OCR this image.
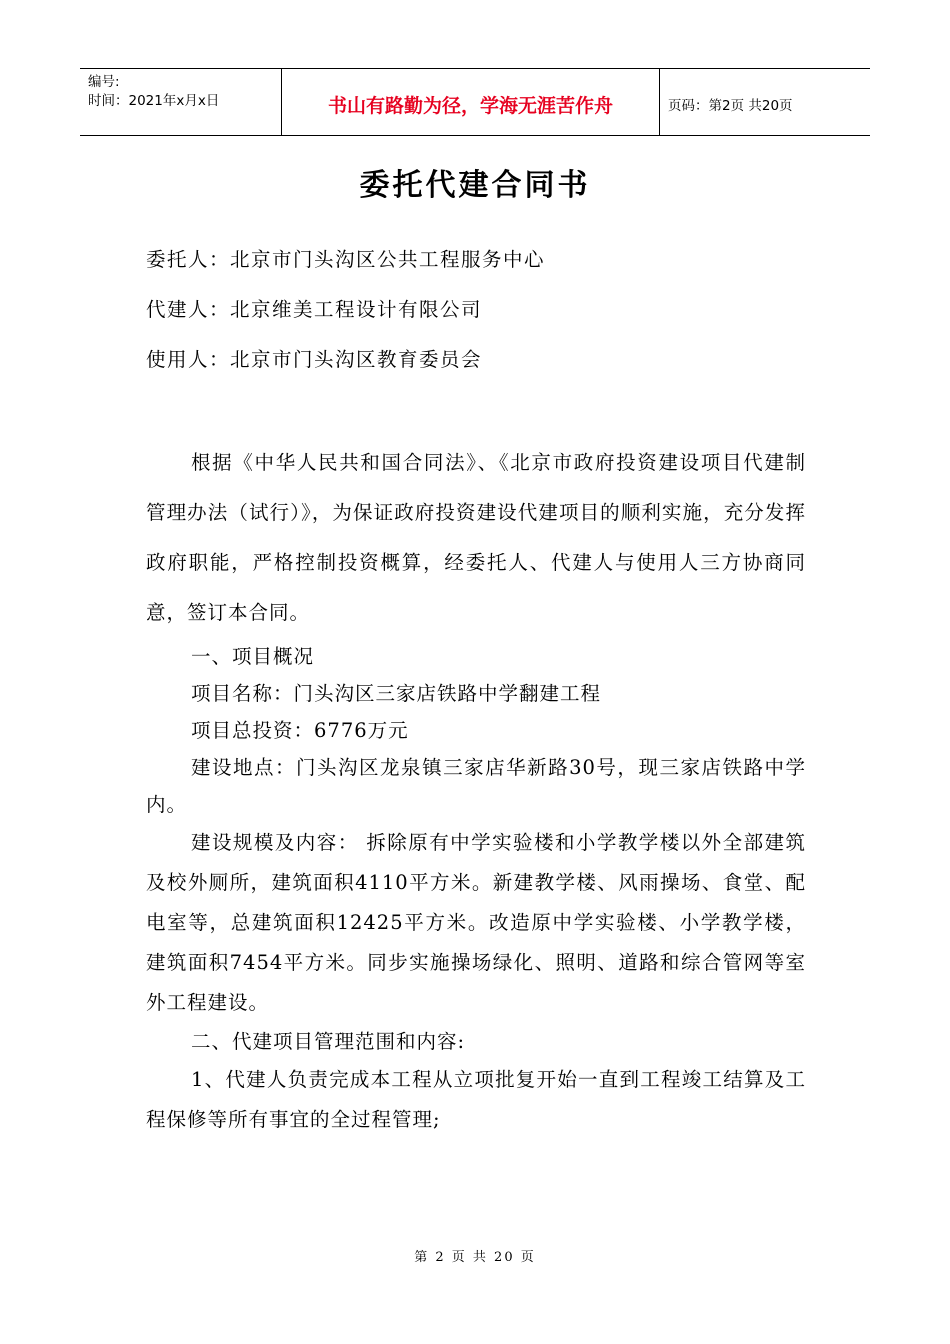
编号:
时间：2021年x月x日	书山有路勤为径，学海无涯苦作舟	页码：第2页 共20页
委托代建合同书
委托人：北京市门头沟区公共工程服务中心
代建人：北京维美工程设计有限公司
使用人：北京市门头沟区教育委员会

根据《中华人民共和国合同法》、《北京市政府投资建设项目代建制管理办法（试行）》，为保证政府投资建设代建项目的顺利实施，充分发挥政府职能，严格控制投资概算，经委托人、代建人与使用人三方协商同意，签订本合同。

一、项目概况

项目名称：门头沟区三家店铁路中学翻建工程

项目总投资：6776万元

建设地点：门头沟区龙泉镇三家店华新路30号，现三家店铁路中学内。

建设规模及内容： 拆除原有中学实验楼和小学教学楼以外全部建筑及校外厕所，建筑面积4110平方米。新建教学楼、风雨操场、食堂、配电室等，总建筑面积12425平方米。改造原中学实验楼、小学教学楼，建筑面积7454平方米。同步实施操场绿化、照明、道路和综合管网等室外工程建设。

二、代建项目管理范围和内容:

1、代建人负责完成本工程从立项批复开始一直到工程竣工结算及工程保修等所有事宜的全过程管理;

第 2 页 共 20 页
